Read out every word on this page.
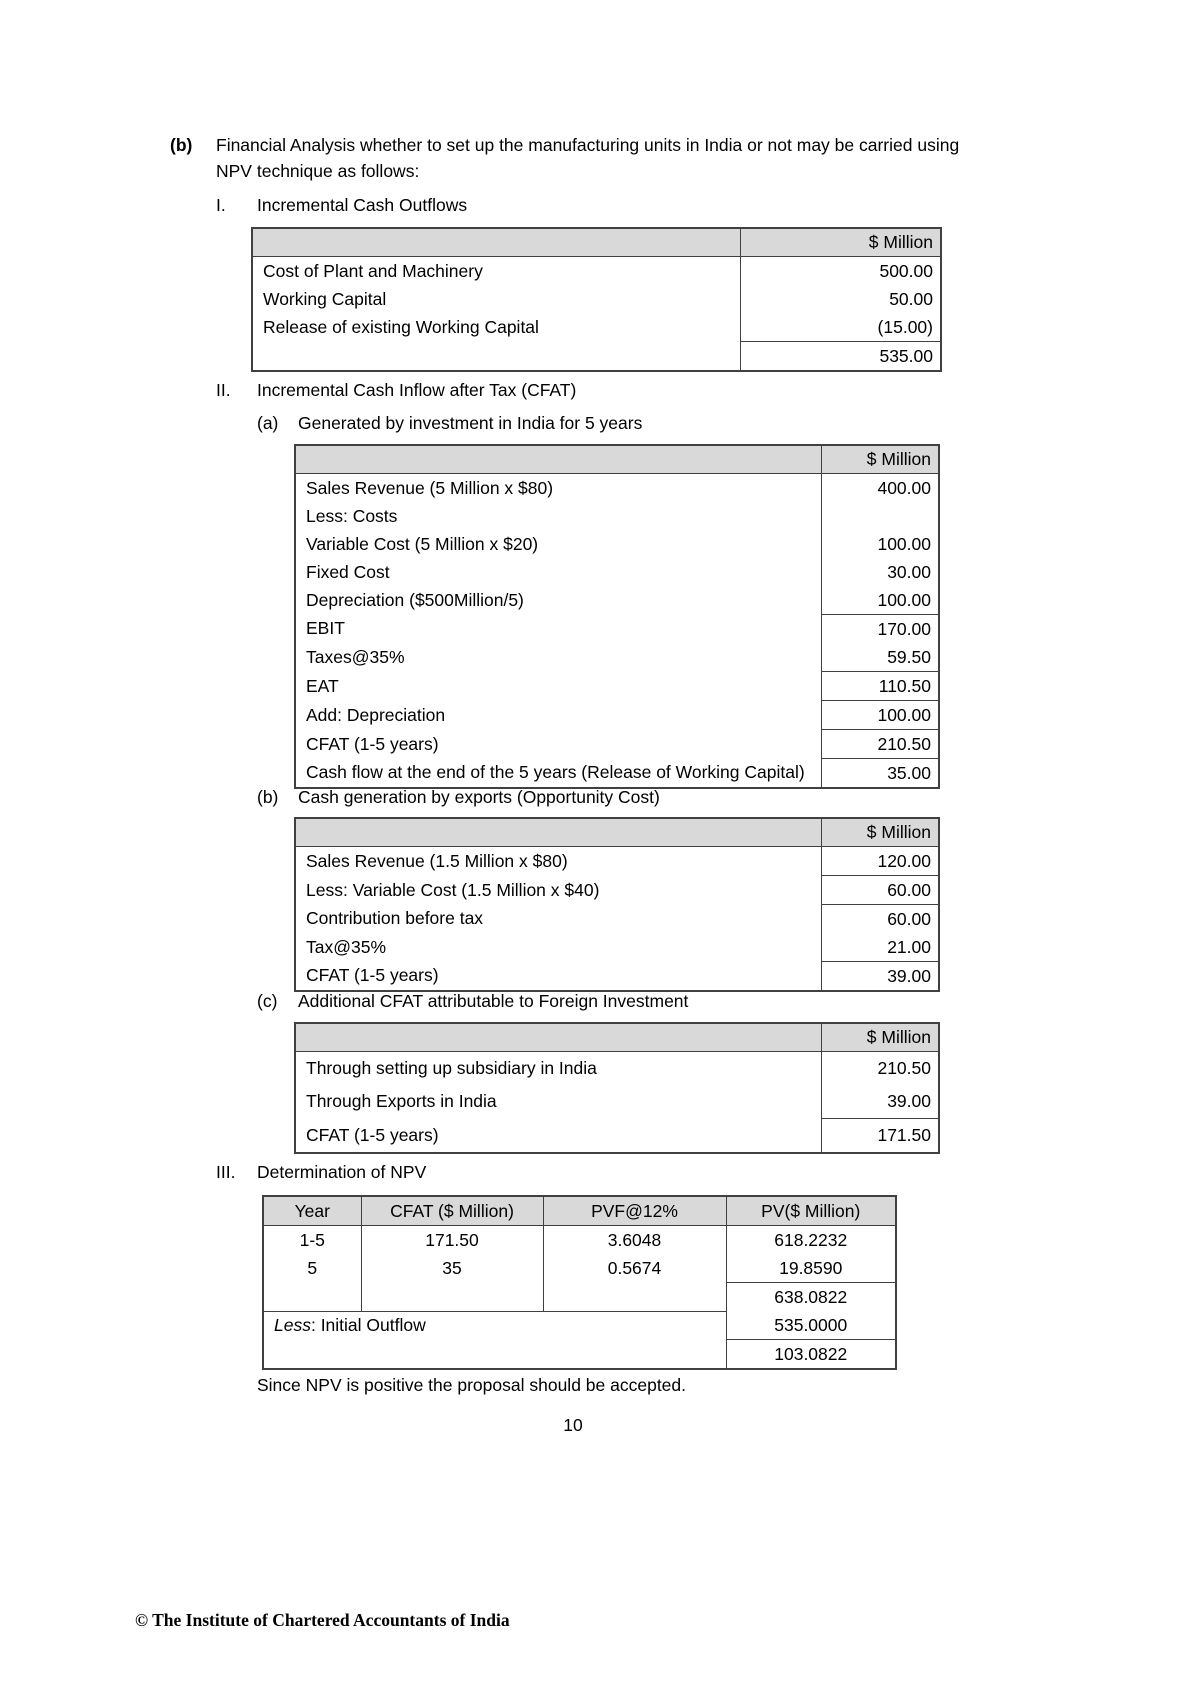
(b)	Financial Analysis whether to set up the manufacturing units in India or not may be carried using NPV technique as follows:
I.	Incremental Cash Outflows
	$ Million
Cost of Plant and Machinery	500.00
Working Capital	50.00
Release of existing Working Capital	(15.00)
	535.00
II.	Incremental Cash Inflow after Tax (CFAT)
(a)	Generated by investment in India for 5 years
	$ Million
Sales Revenue (5 Million x $80)	400.00
Less: Costs	
Variable Cost (5 Million x $20)	100.00
Fixed Cost	30.00
Depreciation ($500Million/5)	100.00
EBIT	170.00
Taxes@35%	59.50
EAT	110.50
Add: Depreciation	100.00
CFAT (1-5 years)	210.50
Cash flow at the end of the 5 years (Release of Working Capital)	35.00
(b)	Cash generation by exports (Opportunity Cost)
	$ Million
Sales Revenue (1.5 Million x $80)	120.00
Less: Variable Cost (1.5 Million x $40)	60.00
Contribution before tax	60.00
Tax@35%	21.00
CFAT (1-5 years)	39.00
(c)	Additional CFAT attributable to Foreign Investment
	$ Million
Through setting up subsidiary in India	210.50
Through Exports in India	39.00
CFAT (1-5 years)	171.50
III.	Determination of NPV
Year	CFAT ($ Million)	PVF@12%	PV($ Million)
1-5	171.50	3.6048	618.2232
5	35	0.5674	19.8590
			638.0822
Less: Initial Outflow			535.0000
			103.0822
Since NPV is positive the proposal should be accepted.
10
© The Institute of Chartered Accountants of India
